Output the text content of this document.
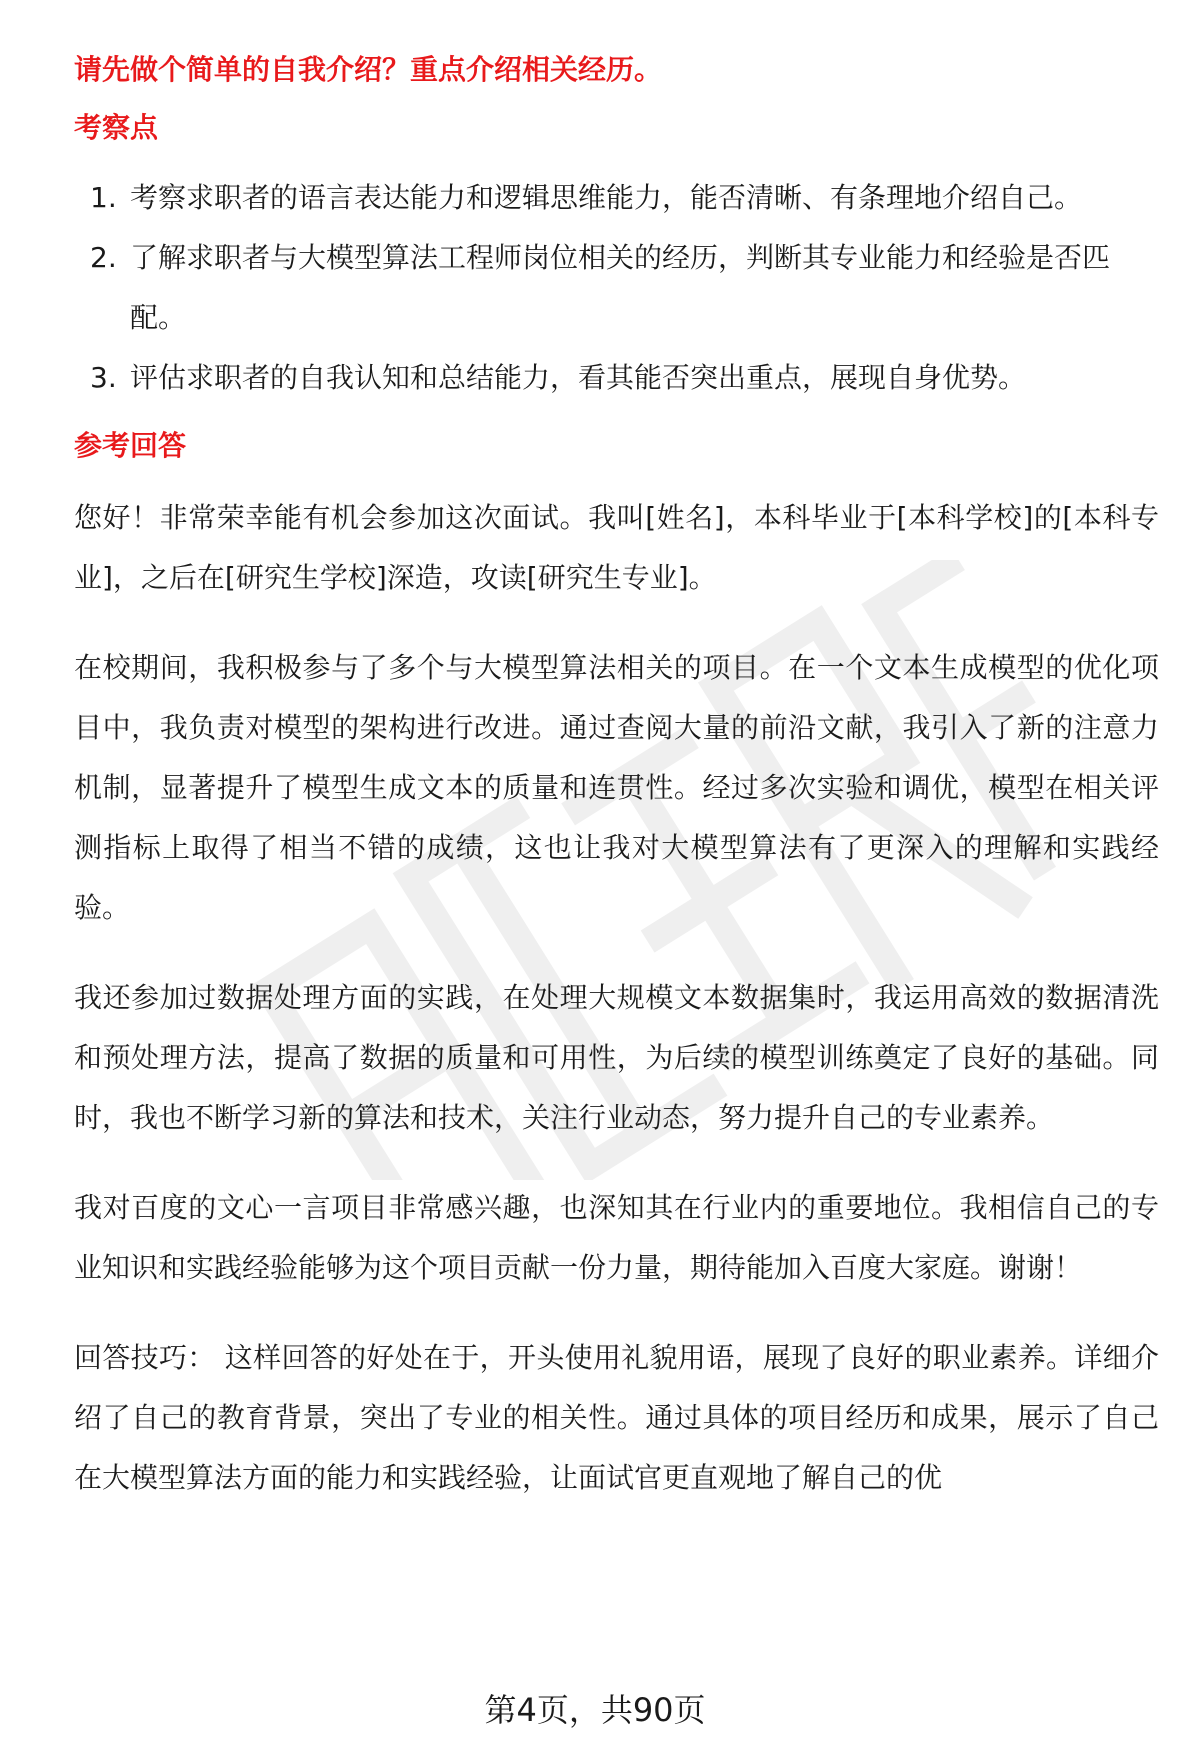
请先做个简单的自我介绍？重点介绍相关经历。
考察点
1. 考察求职者的语言表达能力和逻辑思维能力，能否清晰、有条理地介绍自己。
2. 了解求职者与大模型算法工程师岗位相关的经历，判断其专业能力和经验是否匹配。
3. 评估求职者的自我认知和总结能力，看其能否突出重点，展现自身优势。
参考回答

您好！非常荣幸能有机会参加这次面试。我叫[姓名]，本科毕业于[本科学校]的[本科专业]，之后在[研究生学校]深造，攻读[研究生专业]。

在校期间，我积极参与了多个与大模型算法相关的项目。在一个文本生成模型的优化项目中，我负责对模型的架构进行改进。通过查阅大量的前沿文献，我引入了新的注意力机制，显著提升了模型生成文本的质量和连贯性。经过多次实验和调优，模型在相关评测指标上取得了相当不错的成绩，这也让我对大模型算法有了更深入的理解和实践经验。

我还参加过数据处理方面的实践，在处理大规模文本数据集时，我运用高效的数据清洗和预处理方法，提高了数据的质量和可用性，为后续的模型训练奠定了良好的基础。同时，我也不断学习新的算法和技术，关注行业动态，努力提升自己的专业素养。

我对百度的文心一言项目非常感兴趣，也深知其在行业内的重要地位。我相信自己的专业知识和实践经验能够为这个项目贡献一份力量，期待能加入百度大家庭。谢谢！

回答技巧： 这样回答的好处在于，开头使用礼貌用语，展现了良好的职业素养。详细介绍了自己的教育背景，突出了专业的相关性。通过具体的项目经历和成果，展示了自己在大模型算法方面的能力和实践经验，让面试官更直观地了解自己的优

第4页，共90页
